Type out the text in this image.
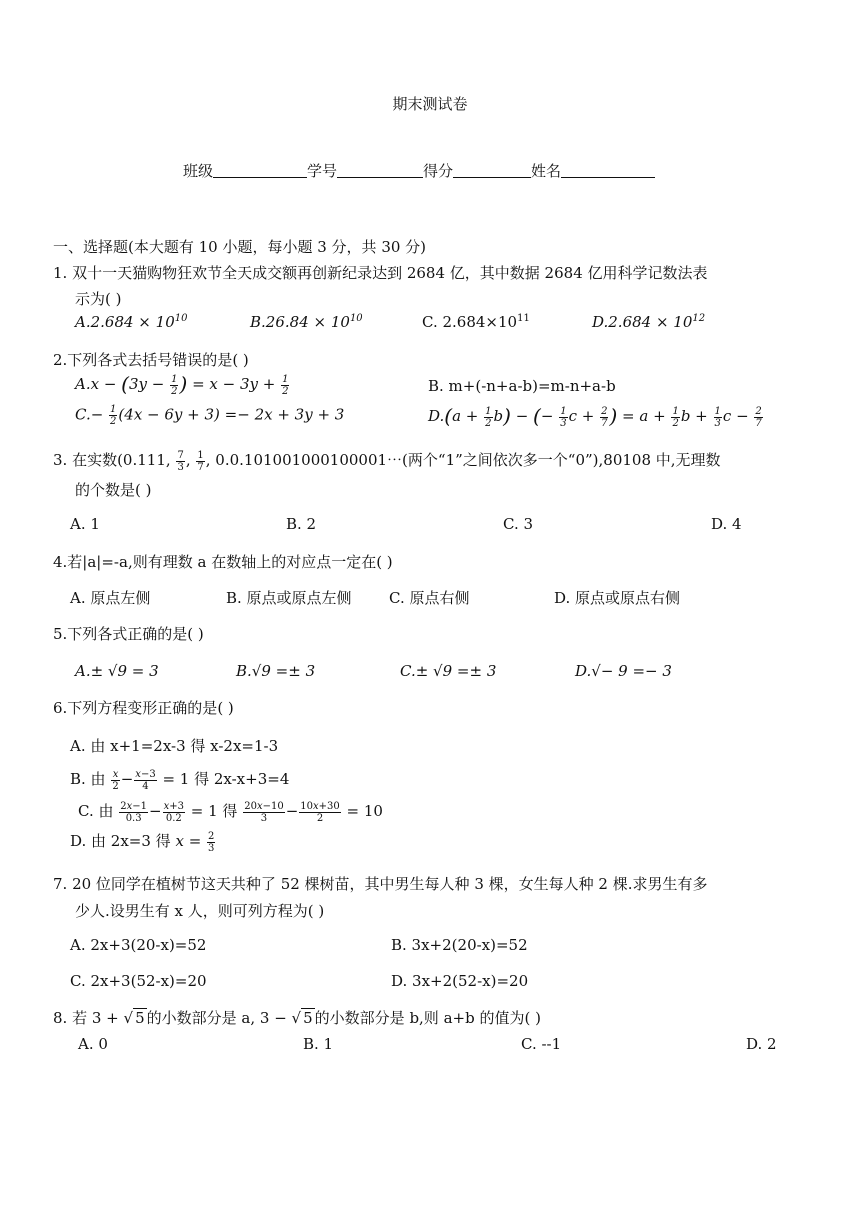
期末测试卷
班级	学号	得分	姓名
一、选择题(本大题有 10 小题，每小题 3 分，共 30 分)
1. 双十一天猫购物狂欢节全天成交额再创新纪录达到 2684 亿，其中数据 2684 亿用科学记数法表
示为( )
$A.2.684 \times 10^{10}$	$B.26.84 \times 10^{10}$	C. $2.684\times 10^{11}$	$D.2.684 \times 10^{12}$
2.下列各式去括号错误的是( )
$A.x - (3y - \frac{1}{2}$ ) = $x - 3y + \frac{1}{2}$	B. m+(-n+a-b)=m-n+a-b
$C.- \frac{1}{2} (4x - 6y + 3) =- 2x + 3y + 3$	$D.(a + \frac{1}{2} b)$ − (− $\frac{1}{3}$ $c + \frac{2}{7}$ ) = $a + \frac{1}{2}$ $b + \frac{1}{3}$ $c - \frac{2}{7}$
3. 在实数(0.111, $\frac{7}{3}$ , $\frac{1}{7}$ , 0.0.101001000100001⋯(两个“1”之间依次多一个“0”),80108 中,无理数
的个数是( )
A. 1	B. 2	C. 3	D. 4
4.若|a|=-a,则有理数 a 在数轴上的对应点一定在( )
A. 原点左侧	B. 原点或原点左侧 C. 原点右侧	D. 原点或原点右侧
5.下列各式正确的是( )
A.± √9 = 3	B.√9 =± 3	C.± √9 =± 3	D.√− 9 =− 3
6.下列方程变形正确的是( )
A. 由 x+1=2x-3 得 x-2x=1-3
B. 由 $\frac{x}{2} - \frac{x-3}{4} = 1$ 得 2x-x+3=4
C. 由 $\frac{2x-1}{0.3} - \frac{x+3}{0.2} = 1$ 得 $\frac{20x-10}{3} - \frac{10x+30}{2} = 10$
D. 由 2x=3 得 $x = \frac{2}{3}$
7. 20 位同学在植树节这天共种了 52 棵树苗，其中男生每人种 3 棵，女生每人种 2 棵.求男生有多
少人.设男生有 x 人，则可列方程为( )
A. 2x+3(20-x)=52	B. 3x+2(20-x)=52
C. 2x+3(52-x)=20	D. 3x+2(52-x)=20
8. 若 3 + √ 5 的小数部分是 a, 3 − √ 5 的小数部分是 b,则 a+b 的值为( )
A. 0	B. 1	C. --1	D. 2
